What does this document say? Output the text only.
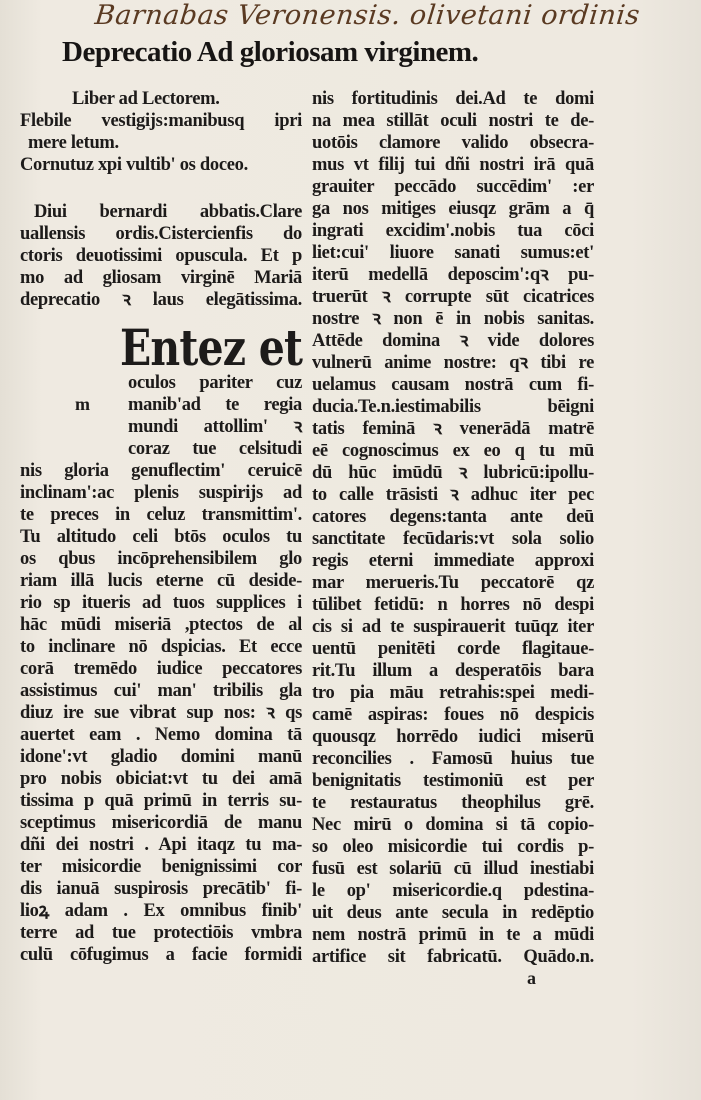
Barnabas Veronensis. olivetani ordinis
Deprecatio Ad gloriosam virginem.
Liber ad Lectorem.
Flebile vestigijs:manibusq ipri
mere letum.
Cornutuz xpi vultib' os doceo.
Diui bernardi abbatis.Clare
uallensis ordis.Cistercienfis do
ctoris deuotissimi opuscula. Et p
mo ad gliosam virginē Mariā
deprecatio ꝛ laus elegātissima.
Entez et
m
oculos pariter cuz
manib'ad te regia
mundi attollim' ꝛ
coraz tue celsitudi
nis gloria genuflectim' ceruicē
inclinam':ac plenis suspirijs ad
te preces in celuz transmittim'.
Tu altitudo celi btōs oculos tu
os qbus incōprehensibilem glo
riam illā lucis eterne cū deside-
rio sp itueris ad tuos supplices i
hāc mūdi miseriā ,ptectos de al
to inclinare nō dspicias. Et ecce
corā tremēdo iudice peccatores
assistimus cui' man' tribilis gla
diuz ire sue vibrat sup nos: ꝛ qs
auertet eam . Nemo domina tā
idone':vt gladio domini manū
pro nobis obiciat:vt tu dei amā
tissima p quā primū in terris su-
sceptimus misericordiā de manu
dñi dei nostri . Api itaqz tu ma-
ter misicordie benignissimi cor
dis ianuā suspirosis precātib' fi-
lioꝝ adam . Ex omnibus finib'
terre ad tue protectiōis vmbra
culū cōfugimus a facie formidi
nis fortitudinis dei.Ad te domi
na mea stillāt oculi nostri te de-
uotōis clamore valido obsecra-
mus vt filij tui dñi nostri irā quā
grauiter peccādo succēdim' :er
ga nos mitiges eiusqz grām a q̄
ingrati excidim'.nobis tua cōci
liet:cui' liuore sanati sumus:et'
iterū medellā deposcim':qꝛ pu-
truerūt ꝛ corrupte sūt cicatrices
nostre ꝛ non ē in nobis sanitas.
Attēde domina ꝛ vide dolores
vulnerū anime nostre: qꝛ tibi re
uelamus causam nostrā cum fi-
ducia.Te.n.iestimabilis bēigni
tatis feminā ꝛ venerādā matrē
eē cognoscimus ex eo q tu mū
dū hūc imūdū ꝛ lubricū:ipollu-
to calle trāsisti ꝛ adhuc iter pec
catores degens:tanta ante deū
sanctitate fecūdaris:vt sola solio
regis eterni immediate approxi
mar merueris.Tu peccatorē qz
tūlibet fetidū: n horres nō despi
cis si ad te suspirauerit tuūqz iter
uentū penitēti corde flagitaue-
rit.Tu illum a desperatōis bara
tro pia māu retrahis:spei medi-
camē aspiras: foues nō despicis
quousqz horrēdo iudici miserū
reconcilies . Famosū huius tue
benignitatis testimoniū est per
te restauratus theophilus grē.
Nec mirū o domina si tā copio-
so oleo misicordie tui cordis p-
fusū est solariū cū illud inestiabi
le op' misericordie.q pdestina-
uit deus ante secula in redēptio
nem nostrā primū in te a mūdi
artifice sit fabricatū. Quādo.n.
a
